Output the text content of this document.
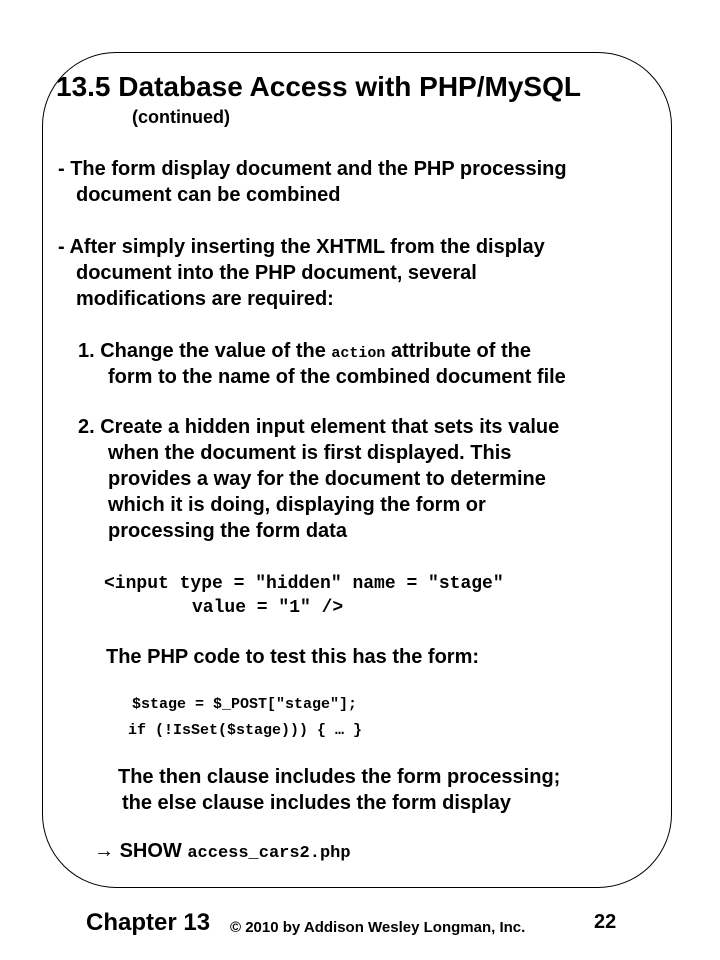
13.5 Database Access with PHP/MySQL
(continued)
- The form display document and the PHP processing
document can be combined
- After simply inserting the XHTML from the display
document into the PHP document, several
modifications are required:
1. Change the value of the action attribute of the
form to the name of the combined document file
2. Create a hidden input element that sets its value
when the document is first displayed. This
provides a way for the document to determine
which it is doing, displaying the form or
processing the form data
<input type = "hidden" name = "stage"
value = "1" />
The PHP code to test this has the form:
$stage = $_POST["stage"];
if (!IsSet($stage))) { … }
The then clause includes the form processing;
the else clause includes the form display
→ SHOW access_cars2.php
Chapter 13 © 2010 by Addison Wesley Longman, Inc.	22
